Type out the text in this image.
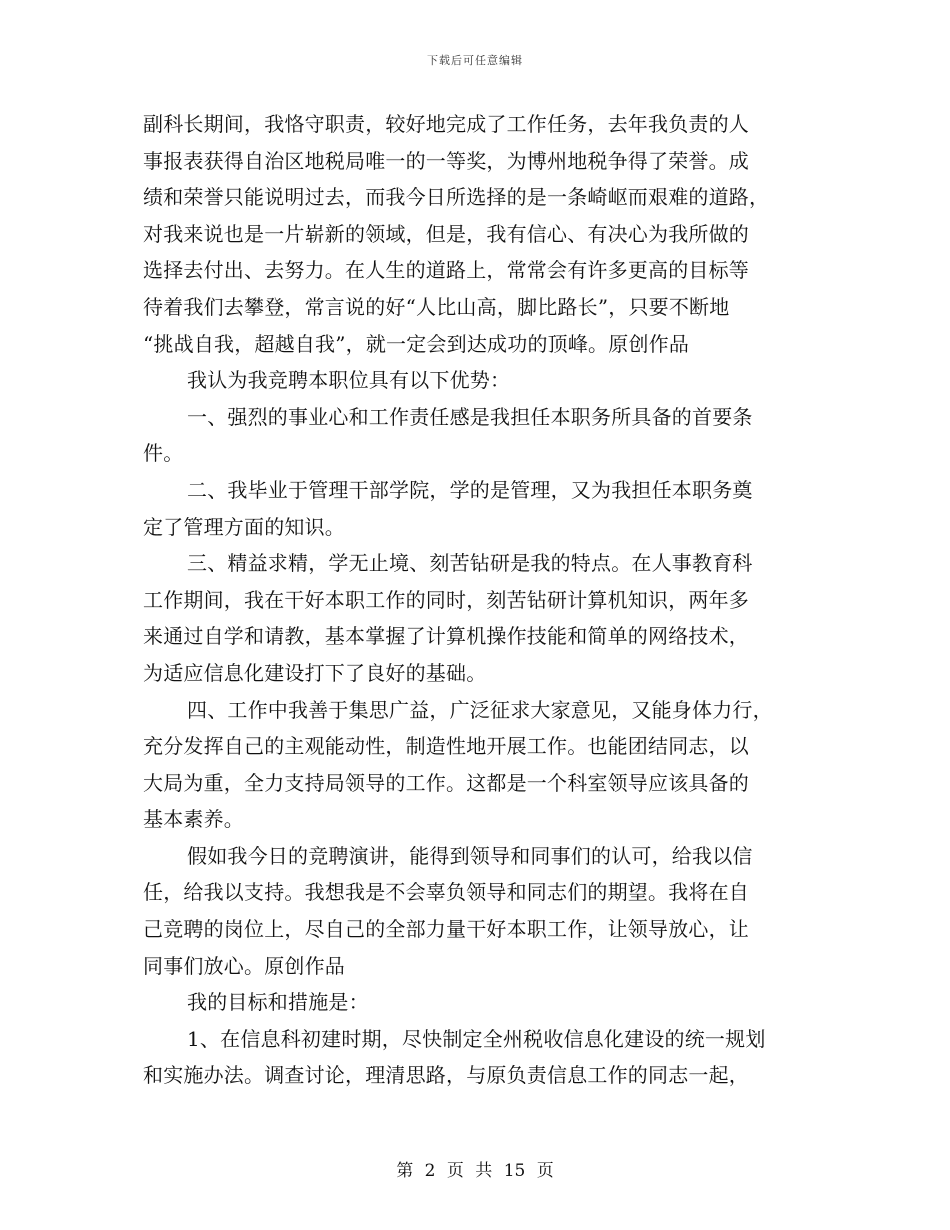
下载后可任意编辑
副科长期间，我恪守职责，较好地完成了工作任务，去年我负责的人
事报表获得自治区地税局唯一的一等奖，为博州地税争得了荣誉。成
绩和荣誉只能说明过去，而我今日所选择的是一条崎岖而艰难的道路，
对我来说也是一片崭新的领域，但是，我有信心、有决心为我所做的
选择去付出、去努力。在人生的道路上，常常会有许多更高的目标等
待着我们去攀登，常言说的好“人比山高，脚比路长”，只要不断地
“挑战自我，超越自我”，就一定会到达成功的顶峰。原创作品
我认为我竞聘本职位具有以下优势：
一、强烈的事业心和工作责任感是我担任本职务所具备的首要条
件。
二、我毕业于管理干部学院，学的是管理，又为我担任本职务奠
定了管理方面的知识。
三、精益求精，学无止境、刻苦钻研是我的特点。在人事教育科
工作期间，我在干好本职工作的同时，刻苦钻研计算机知识，两年多
来通过自学和请教，基本掌握了计算机操作技能和简单的网络技术，
为适应信息化建设打下了良好的基础。
四、工作中我善于集思广益，广泛征求大家意见，又能身体力行，
充分发挥自己的主观能动性，制造性地开展工作。也能团结同志，以
大局为重，全力支持局领导的工作。这都是一个科室领导应该具备的
基本素养。
假如我今日的竞聘演讲，能得到领导和同事们的认可，给我以信
任，给我以支持。我想我是不会辜负领导和同志们的期望。我将在自
己竞聘的岗位上，尽自己的全部力量干好本职工作，让领导放心，让
同事们放心。原创作品
我的目标和措施是：
1、在信息科初建时期，尽快制定全州税收信息化建设的统一规划
和实施办法。调查讨论，理清思路，与原负责信息工作的同志一起，
第 2 页 共 15 页
